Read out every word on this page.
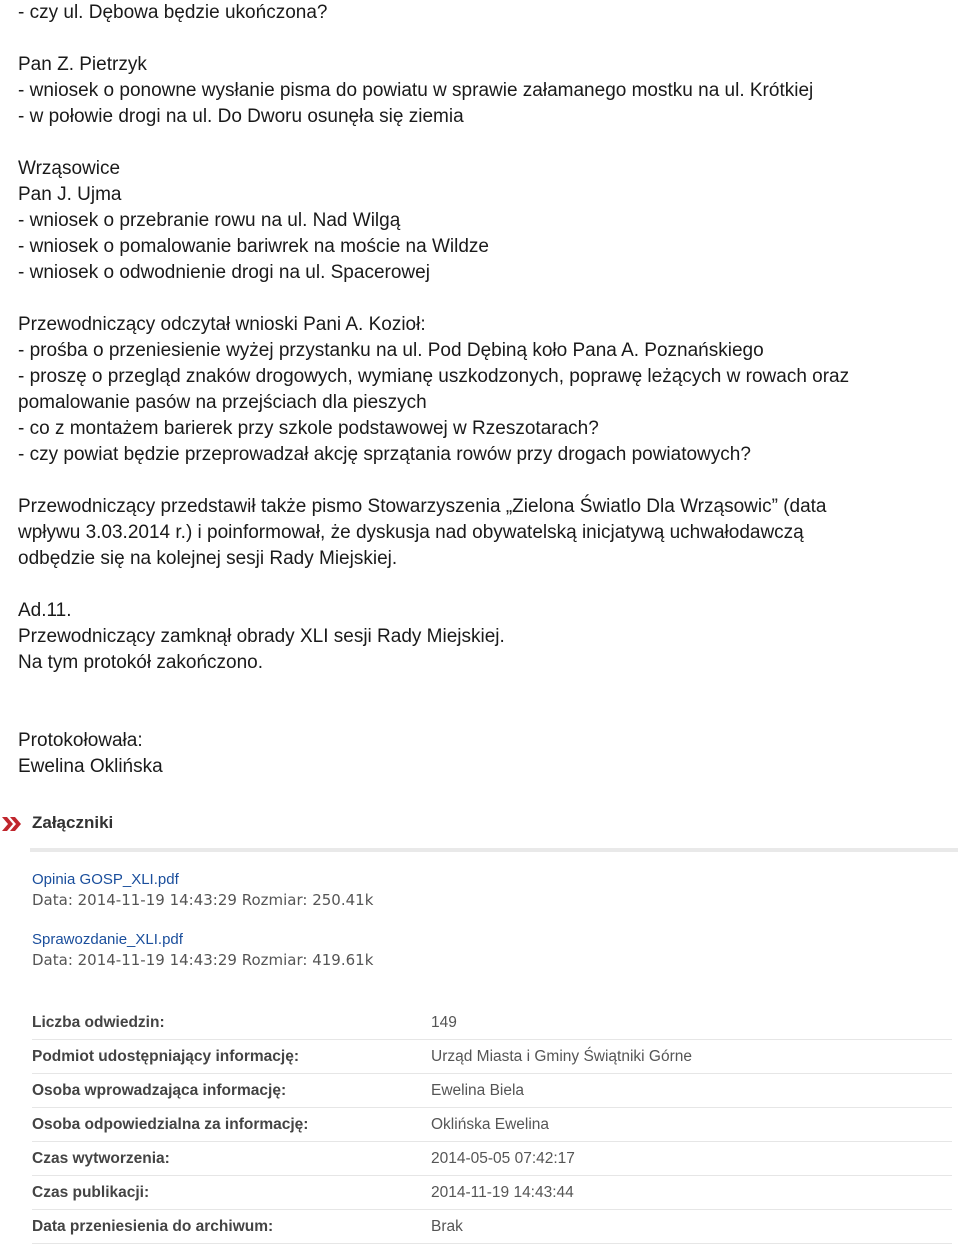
- czy ul. Dębowa będzie ukończona?
Pan Z. Pietrzyk
- wniosek o ponowne wysłanie pisma do powiatu w sprawie załamanego mostku na ul. Krótkiej
- w połowie drogi na ul. Do Dworu osunęła się ziemia
Wrząsowice
Pan J. Ujma
- wniosek o przebranie rowu na ul. Nad Wilgą
- wniosek o pomalowanie bariwrek na moście na Wildze
- wniosek o odwodnienie drogi na ul. Spacerowej
Przewodniczący odczytał wnioski Pani A. Kozioł:
- prośba o przeniesienie wyżej przystanku na ul. Pod Dębiną koło Pana A. Poznańskiego
- proszę o przegląd znaków drogowych, wymianę uszkodzonych, poprawę leżących w rowach oraz
pomalowanie pasów na przejściach dla pieszych
- co z montażem barierek przy szkole podstawowej w Rzeszotarach?
- czy powiat będzie przeprowadzał akcję sprzątania rowów przy drogach powiatowych?
Przewodniczący przedstawił także pismo Stowarzyszenia „Zielona Światlo Dla Wrząsowic” (data
wpływu 3.03.2014 r.) i poinformował, że dyskusja nad obywatelską inicjatywą uchwałodawczą
odbędzie się na kolejnej sesji Rady Miejskiej.
Ad.11.
Przewodniczący zamknął obrady XLI sesji Rady Miejskiej.
Na tym protokół zakończono.
Protokołowała:
Ewelina Oklińska
Załączniki
Opinia GOSP_XLI.pdf
Data: 2014-11-19 14:43:29 Rozmiar: 250.41k
Sprawozdanie_XLI.pdf
Data: 2014-11-19 14:43:29 Rozmiar: 419.61k
Liczba odwiedzin:	149
Podmiot udostępniający informację:	Urząd Miasta i Gminy Świątniki Górne
Osoba wprowadzająca informację:	Ewelina Biela
Osoba odpowiedzialna za informację:	Oklińska Ewelina
Czas wytworzenia:	2014-05-05 07:42:17
Czas publikacji:	2014-11-19 14:43:44
Data przeniesienia do archiwum:	Brak
